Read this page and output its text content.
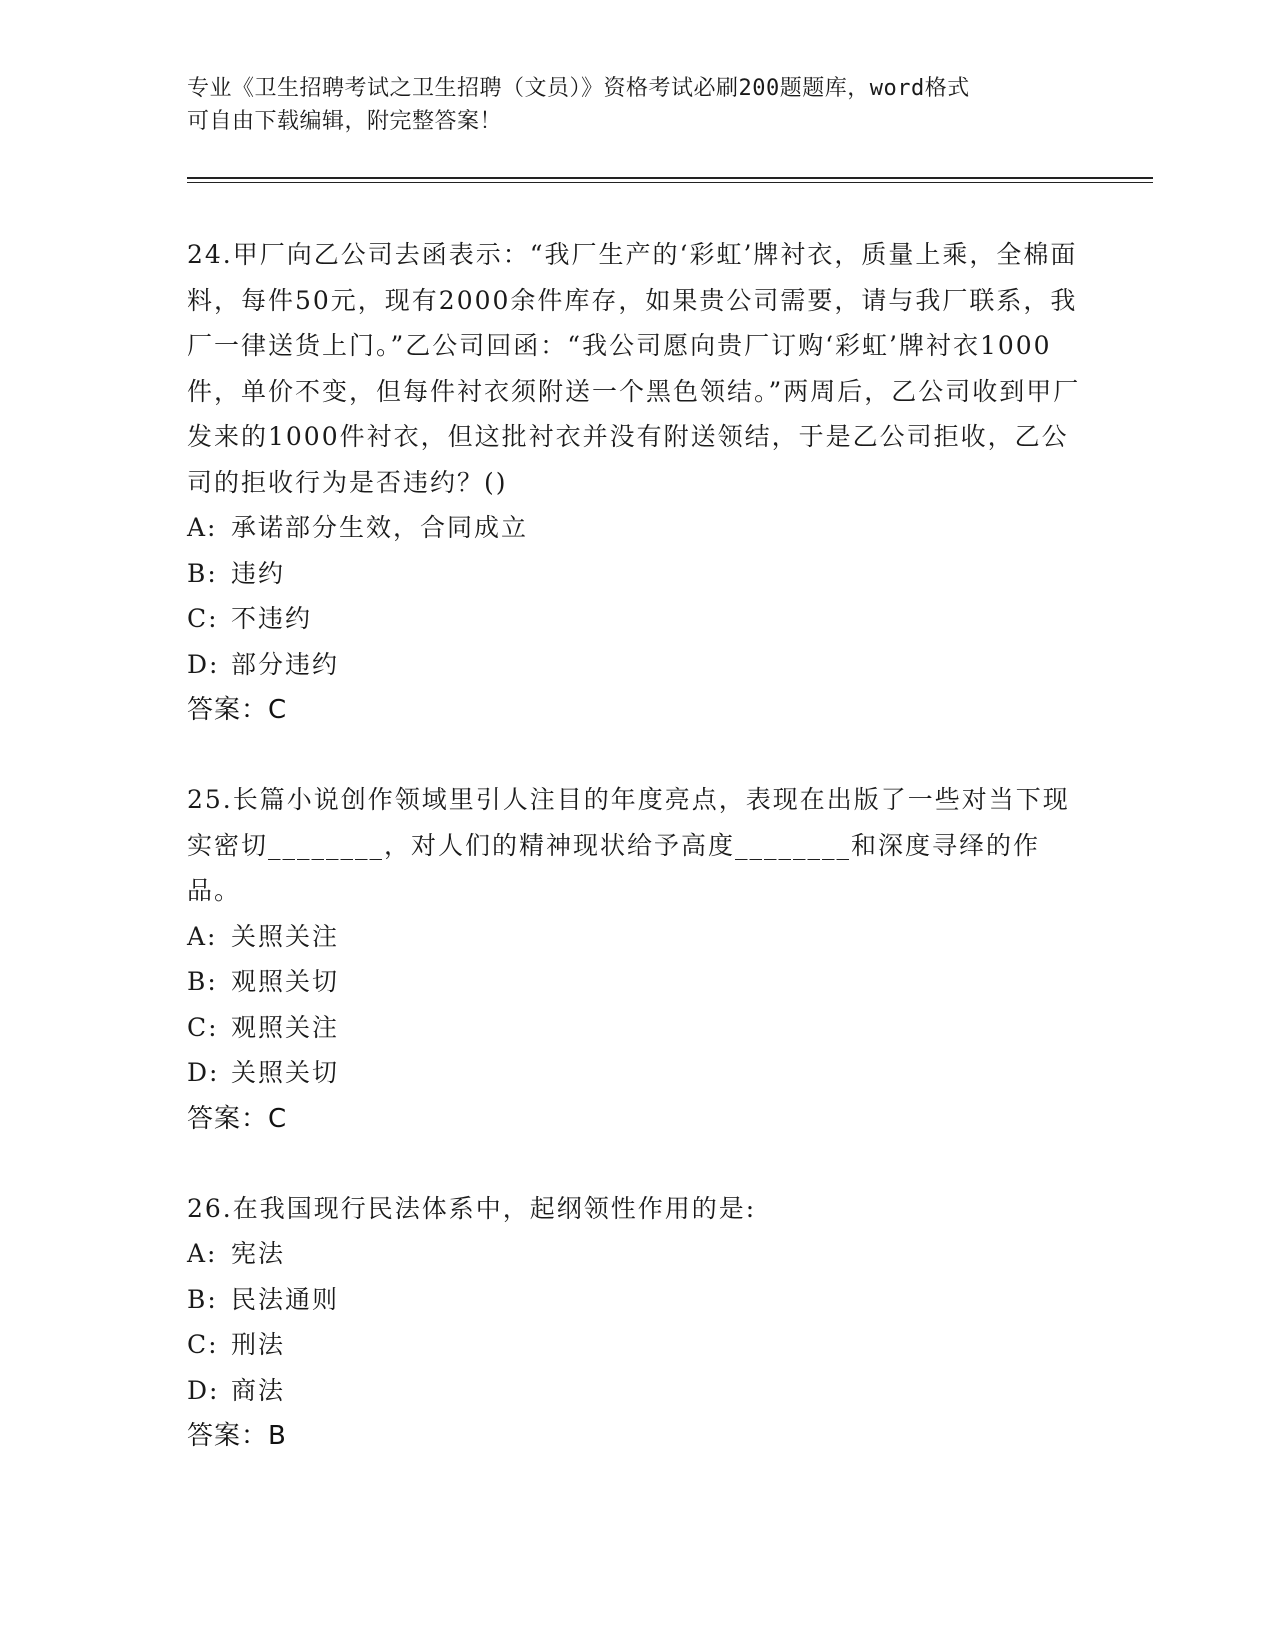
专业《卫生招聘考试之卫生招聘（文员）》资格考试必刷200题题库，word格式
可自由下载编辑，附完整答案！

24.甲厂向乙公司去函表示：“我厂生产的‘彩虹’牌衬衣，质量上乘，全棉面料，每件50元，现有2000余件库存，如果贵公司需要，请与我厂联系，我厂一律送货上门。”乙公司回函：“我公司愿向贵厂订购‘彩虹’牌衬衣1000件，单价不变，但每件衬衣须附送一个黑色领结。”两周后，乙公司收到甲厂发来的1000件衬衣，但这批衬衣并没有附送领结，于是乙公司拒收，乙公司的拒收行为是否违约？()

A: 承诺部分生效，合同成立

B: 违约

C: 不违约

D: 部分违约

答案：C

25.长篇小说创作领域里引人注目的年度亮点，表现在出版了一些对当下现实密切________，对人们的精神现状给予高度________和深度寻绎的作品。

A: 关照关注

B: 观照关切

C: 观照关注

D: 关照关切

答案：C

26.在我国现行民法体系中，起纲领性作用的是:

A: 宪法

B: 民法通则

C: 刑法

D: 商法

答案：B
